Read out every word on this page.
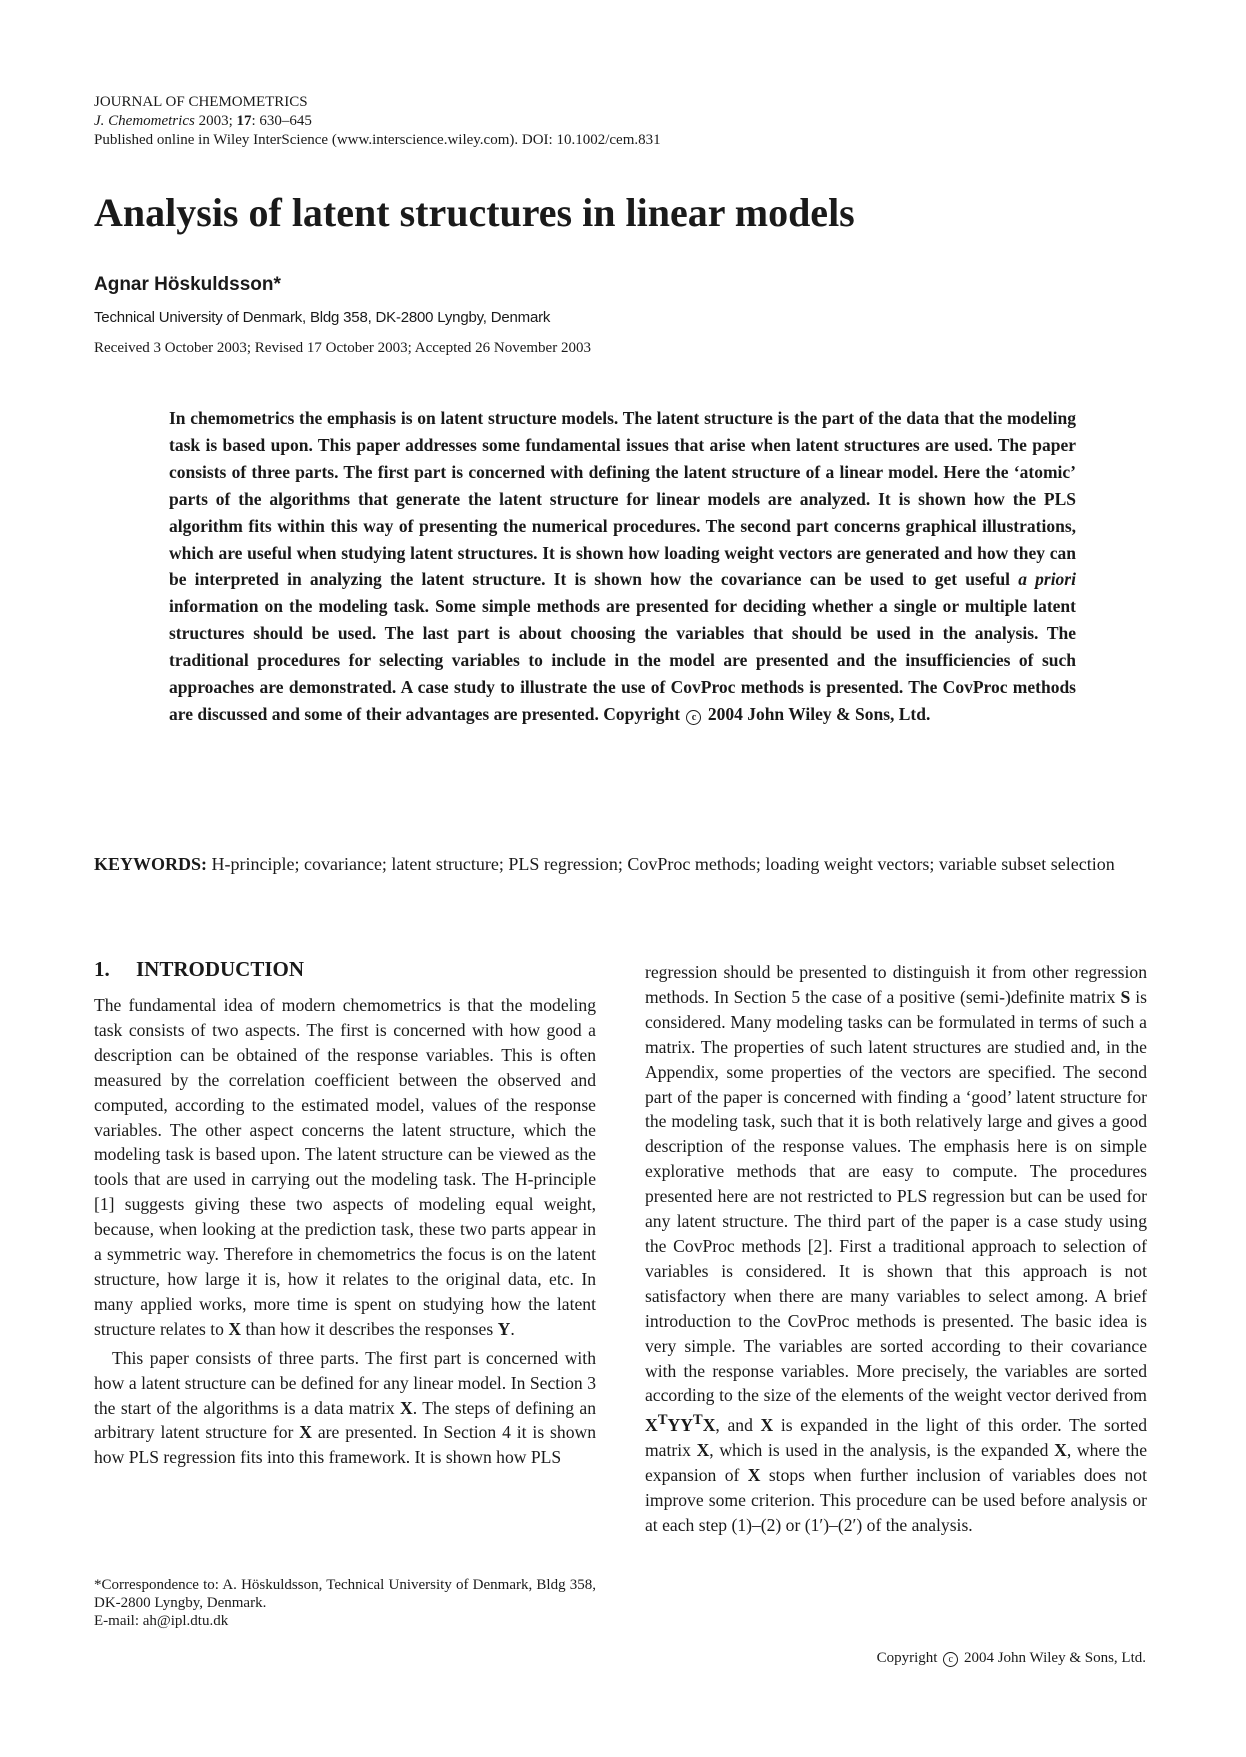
JOURNAL OF CHEMOMETRICS
J. Chemometrics 2003; 17: 630–645
Published online in Wiley InterScience (www.interscience.wiley.com). DOI: 10.1002/cem.831
Analysis of latent structures in linear models
Agnar Höskuldsson*
Technical University of Denmark, Bldg 358, DK-2800 Lyngby, Denmark
Received 3 October 2003; Revised 17 October 2003; Accepted 26 November 2003

In chemometrics the emphasis is on latent structure models. The latent structure is the part of the data that the modeling task is based upon. This paper addresses some fundamental issues that arise when latent structures are used. The paper consists of three parts. The first part is concerned with defining the latent structure of a linear model. Here the ‘atomic’ parts of the algorithms that generate the latent structure for linear models are analyzed. It is shown how the PLS algorithm fits within this way of presenting the numerical procedures. The second part concerns graphical illustrations, which are useful when studying latent structures. It is shown how loading weight vectors are generated and how they can be interpreted in analyzing the latent structure. It is shown how the covariance can be used to get useful a priori information on the modeling task. Some simple methods are presented for deciding whether a single or multiple latent structures should be used. The last part is about choosing the variables that should be used in the analysis. The traditional procedures for selecting variables to include in the model are presented and the insufficiencies of such approaches are demonstrated. A case study to illustrate the use of CovProc methods is presented. The CovProc methods are discussed and some of their advantages are presented. Copyright c 2004 John Wiley & Sons, Ltd.

KEYWORDS: H-principle; covariance; latent structure; PLS regression; CovProc methods; loading weight vectors; variable subset selection

1. INTRODUCTION

The fundamental idea of modern chemometrics is that the modeling task consists of two aspects. The first is concerned with how good a description can be obtained of the response variables. This is often measured by the correlation coefficient between the observed and computed, according to the estimated model, values of the response variables. The other aspect concerns the latent structure, which the modeling task is based upon. The latent structure can be viewed as the tools that are used in carrying out the modeling task. The H-principle [1] suggests giving these two aspects of modeling equal weight, because, when looking at the prediction task, these two parts appear in a symmetric way. Therefore in chemometrics the focus is on the latent structure, how large it is, how it relates to the original data, etc. In many applied works, more time is spent on studying how the latent structure relates to X than how it describes the responses Y.

This paper consists of three parts. The first part is concerned with how a latent structure can be defined for any linear model. In Section 3 the start of the algorithms is a data matrix X. The steps of defining an arbitrary latent structure for X are presented. In Section 4 it is shown how PLS regression fits into this framework. It is shown how PLS

regression should be presented to distinguish it from other regression methods. In Section 5 the case of a positive (semi-)definite matrix S is considered. Many modeling tasks can be formulated in terms of such a matrix. The properties of such latent structures are studied and, in the Appendix, some properties of the vectors are specified. The second part of the paper is concerned with finding a ‘good’ latent structure for the modeling task, such that it is both relatively large and gives a good description of the response values. The emphasis here is on simple explorative methods that are easy to compute. The procedures presented here are not restricted to PLS regression but can be used for any latent structure. The third part of the paper is a case study using the CovProc methods [2]. First a traditional approach to selection of variables is considered. It is shown that this approach is not satisfactory when there are many variables to select among. A brief introduction to the CovProc methods is presented. The basic idea is very simple. The variables are sorted according to their covariance with the response variables. More precisely, the variables are sorted according to the size of the elements of the weight vector derived from $X^TYY^TX$, and X is expanded in the light of this order. The sorted matrix X, which is used in the analysis, is the expanded X, where the expansion of X stops when further inclusion of variables does not improve some criterion. This procedure can be used before analysis or at each step (1)–(2) or (1′)–(2′) of the analysis.

*Correspondence to: A. Höskuldsson, Technical University of Denmark, Bldg 358, DK-2800 Lyngby, Denmark.
E-mail: ah@ipl.dtu.dk
Copyright c 2004 John Wiley & Sons, Ltd.
